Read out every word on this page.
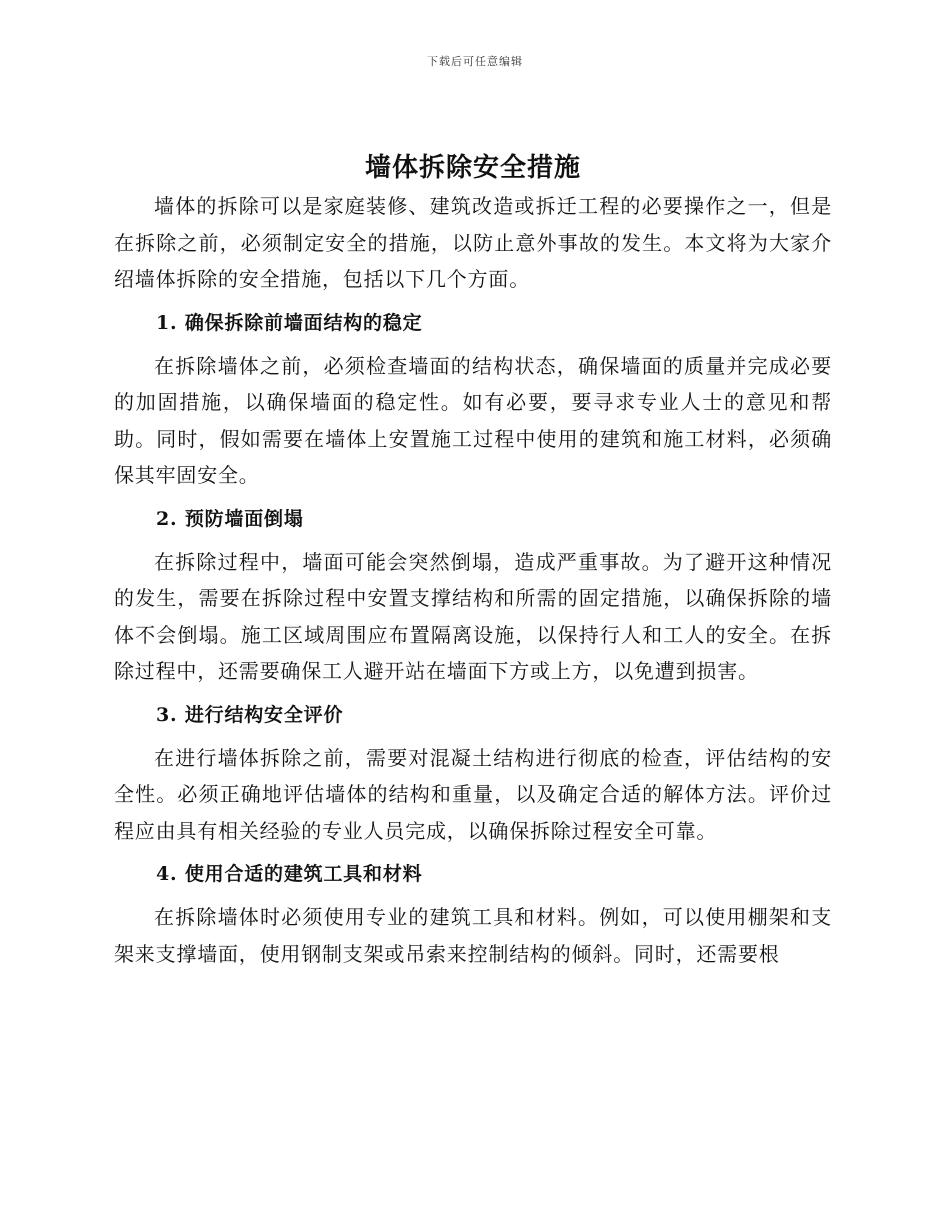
下载后可任意编辑
墙体拆除安全措施

墙体的拆除可以是家庭装修、建筑改造或拆迁工程的必要操作之一，但是在拆除之前，必须制定安全的措施，以防止意外事故的发生。本文将为大家介绍墙体拆除的安全措施，包括以下几个方面。

1. 确保拆除前墙面结构的稳定

在拆除墙体之前，必须检查墙面的结构状态，确保墙面的质量并完成必要的加固措施，以确保墙面的稳定性。如有必要，要寻求专业人士的意见和帮助。同时，假如需要在墙体上安置施工过程中使用的建筑和施工材料，必须确保其牢固安全。

2. 预防墙面倒塌

在拆除过程中，墙面可能会突然倒塌，造成严重事故。为了避开这种情况的发生，需要在拆除过程中安置支撑结构和所需的固定措施，以确保拆除的墙体不会倒塌。施工区域周围应布置隔离设施，以保持行人和工人的安全。在拆除过程中，还需要确保工人避开站在墙面下方或上方，以免遭到损害。

3. 进行结构安全评价

在进行墙体拆除之前，需要对混凝土结构进行彻底的检查，评估结构的安全性。必须正确地评估墙体的结构和重量，以及确定合适的解体方法。评价过程应由具有相关经验的专业人员完成，以确保拆除过程安全可靠。

4. 使用合适的建筑工具和材料

在拆除墙体时必须使用专业的建筑工具和材料。例如，可以使用棚架和支架来支撑墙面，使用钢制支架或吊索来控制结构的倾斜。同时，还需要根
